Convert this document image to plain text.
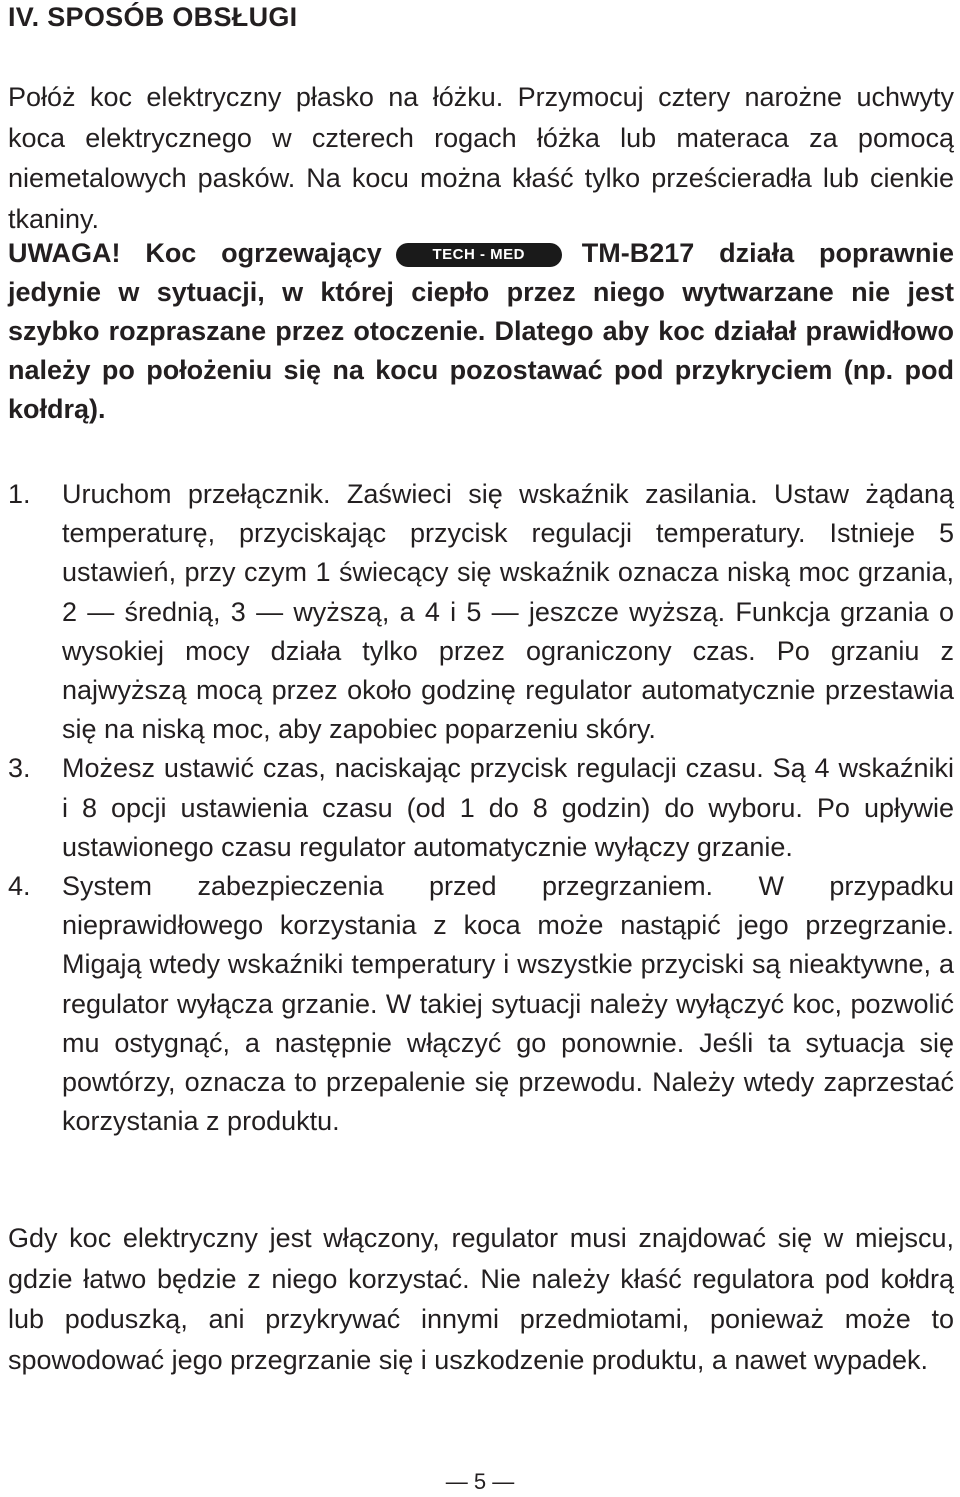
IV. SPOSÓB OBSŁUGI

Połóż koc elektryczny płasko na łóżku. Przymocuj cztery narożne uchwyty koca elektrycznego w czterech rogach łóżka lub materaca za pomocą niemetalowych pasków. Na kocu można kłaść tylko prześcieradła lub cienkie tkaniny.

UWAGA! Koc ogrzewający	TECH - MED TM-B217 działa poprawnie jedynie w sytuacji, w której ciepło przez niego wytwarzane nie jest szybko rozpraszane przez otoczenie. Dlatego aby koc działał prawidłowo należy po położeniu się na kocu pozostawać pod przykryciem (np. pod kołdrą).

1. Uruchom przełącznik. Zaświeci się wskaźnik zasilania. Ustaw żądaną temperaturę, przyciskając przycisk regulacji temperatury. Istnieje 5 ustawień, przy czym 1 świecący się wskaźnik oznacza niską moc grzania, 2 — średnią, 3 — wyższą, a 4 i 5 — jeszcze wyższą. Funkcja grzania o wysokiej mocy działa tylko przez ograniczony czas. Po grzaniu z najwyższą mocą przez około godzinę regulator automatycznie przestawia się na niską moc, aby zapobiec poparzeniu skóry.
3. Możesz ustawić czas, naciskając przycisk regulacji czasu. Są 4 wskaźniki i 8 opcji ustawienia czasu (od 1 do 8 godzin) do wyboru. Po upływie ustawionego czasu regulator automatycznie wyłączy grzanie.
4. System zabezpieczenia przed przegrzaniem. W przypadku nieprawidłowego korzystania z koca może nastąpić jego przegrzanie. Migają wtedy wskaźniki temperatury i wszystkie przyciski są nieaktywne, a regulator wyłącza grzanie. W takiej sytuacji należy wyłączyć koc, pozwolić mu ostygnąć, a następnie włączyć go ponownie. Jeśli ta sytuacja się powtórzy, oznacza to przepalenie się przewodu. Należy wtedy zaprzestać korzystania z produktu.

Gdy koc elektryczny jest włączony, regulator musi znajdować się w miejscu, gdzie łatwo będzie z niego korzystać. Nie należy kłaść regulatora pod kołdrą lub poduszką, ani przykrywać innymi przedmiotami, ponieważ może to spowodować jego przegrzanie się i uszkodzenie produktu, a nawet wypadek.

— 5 —
